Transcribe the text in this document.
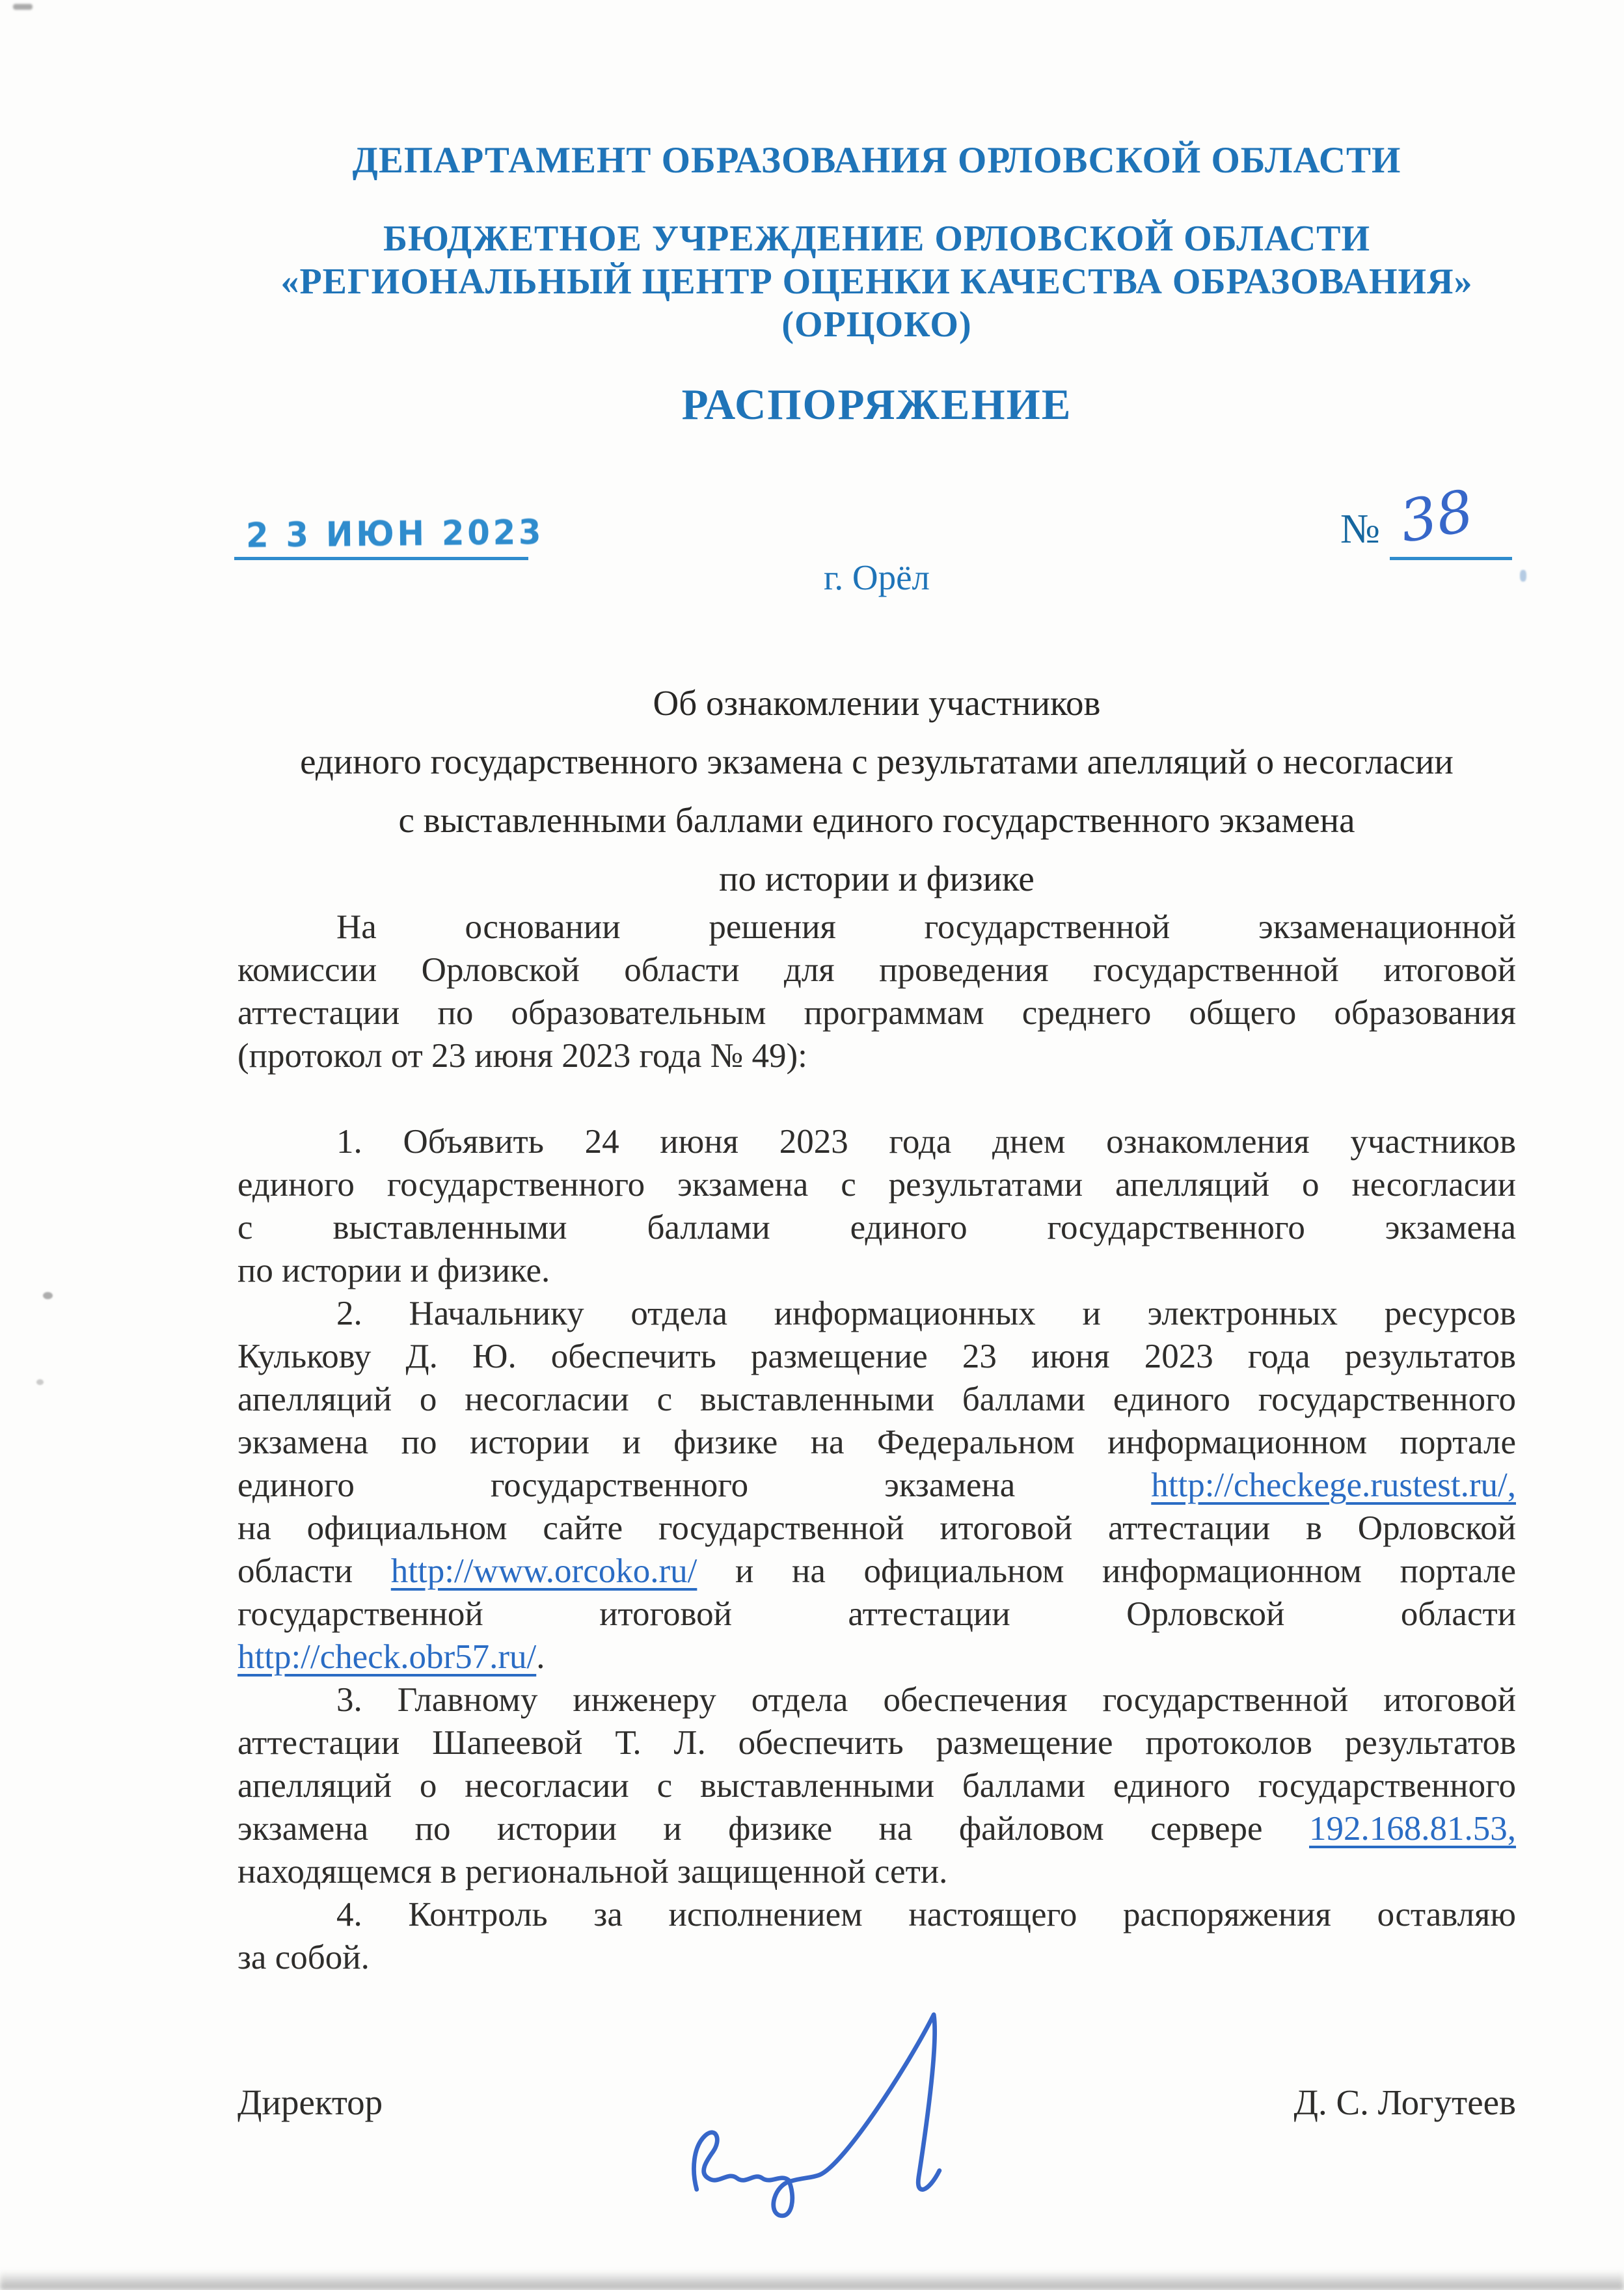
ДЕПАРТАМЕНТ ОБРАЗОВАНИЯ ОРЛОВСКОЙ ОБЛАСТИ
БЮДЖЕТНОЕ УЧРЕЖДЕНИЕ ОРЛОВСКОЙ ОБЛАСТИ
«РЕГИОНАЛЬНЫЙ ЦЕНТР ОЦЕНКИ КАЧЕСТВА ОБРАЗОВАНИЯ»
(ОРЦОКО)
РАСПОРЯЖЕНИЕ
2 3 ИЮН 2023	№ 38
г. Орёл
Об ознакомлении участников
единого государственного экзамена с результатами апелляций о несогласии
с выставленными баллами единого государственного экзамена
по истории и физике
На основании решения государственной экзаменационной
комиссии Орловской области для проведения государственной итоговой
аттестации по образовательным программам среднего общего образования
(протокол от 23 июня 2023 года № 49):
1. Объявить 24 июня 2023 года днем ознакомления участников
единого государственного экзамена с результатами апелляций о несогласии
с выставленными баллами единого государственного экзамена
по истории и физике.
2. Начальнику отдела информационных и электронных ресурсов
Кулькову Д. Ю. обеспечить размещение 23 июня 2023 года результатов
апелляций о несогласии с выставленными баллами единого государственного
экзамена по истории и физике на Федеральном информационном портале
единого государственного экзамена	http://checkege.rustest.ru/,
на официальном сайте государственной итоговой аттестации в Орловской
области http://www.orcoko.ru/ и на официальном информационном портале
государственной итоговой аттестации Орловской области
http://check.obr57.ru/.
3. Главному инженеру отдела обеспечения государственной итоговой
аттестации Шапеевой Т. Л. обеспечить размещение протоколов результатов
апелляций о несогласии с выставленными баллами единого государственного
экзамена по истории и физике на файловом сервере 192.168.81.53,
находящемся в региональной защищенной сети.
4. Контроль за исполнением настоящего распоряжения оставляю
за собой.
Директор	Д. С. Логутеев
